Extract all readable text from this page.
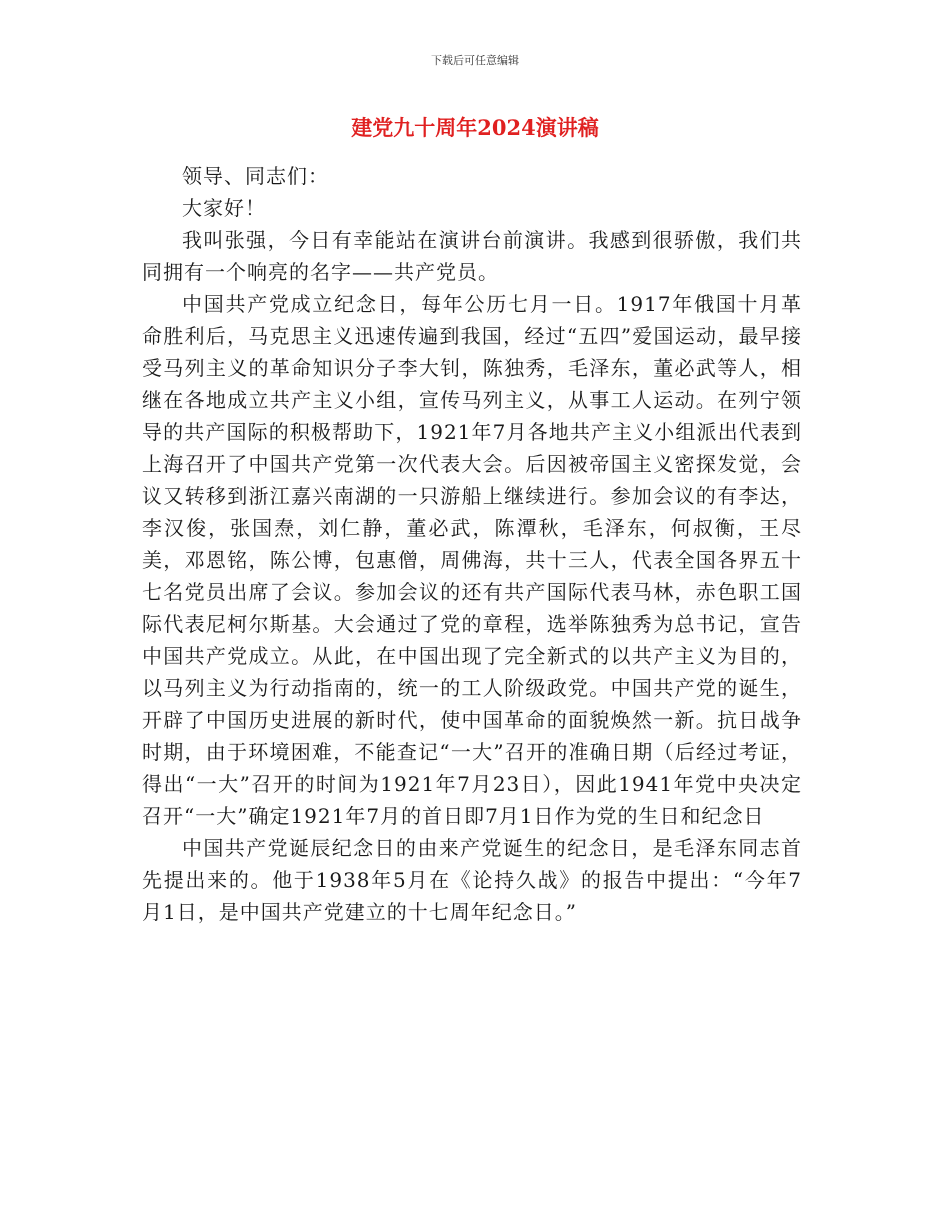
下载后可任意编辑
建党九十周年2024演讲稿

领导、同志们：

大家好！

我叫张强，今日有幸能站在演讲台前演讲。我感到很骄傲，我们共同拥有一个响亮的名字——共产党员。

中国共产党成立纪念日，每年公历七月一日。1917年俄国十月革命胜利后，马克思主义迅速传遍到我国，经过“五四”爱国运动，最早接受马列主义的革命知识分子李大钊，陈独秀，毛泽东，董必武等人，相继在各地成立共产主义小组，宣传马列主义，从事工人运动。在列宁领导的共产国际的积极帮助下，1921年7月各地共产主义小组派出代表到上海召开了中国共产党第一次代表大会。后因被帝国主义密探发觉，会议又转移到浙江嘉兴南湖的一只游船上继续进行。参加会议的有李达，李汉俊，张国焘，刘仁静，董必武，陈潭秋，毛泽东，何叔衡，王尽美，邓恩铭，陈公博，包惠僧，周佛海，共十三人，代表全国各界五十七名党员出席了会议。参加会议的还有共产国际代表马林，赤色职工国际代表尼柯尔斯基。大会通过了党的章程，选举陈独秀为总书记，宣告中国共产党成立。从此，在中国出现了完全新式的以共产主义为目的，以马列主义为行动指南的，统一的工人阶级政党。中国共产党的诞生，开辟了中国历史进展的新时代，使中国革命的面貌焕然一新。抗日战争时期，由于环境困难，不能查记“一大”召开的准确日期（后经过考证，得出“一大”召开的时间为1921年7月23日），因此1941年党中央决定召开“一大”确定1921年7月的首日即7月1日作为党的生日和纪念日

中国共产党诞辰纪念日的由来产党诞生的纪念日，是毛泽东同志首先提出来的。他于1938年5月在《论持久战》的报告中提出：“今年7月1日，是中国共产党建立的十七周年纪念日。”
